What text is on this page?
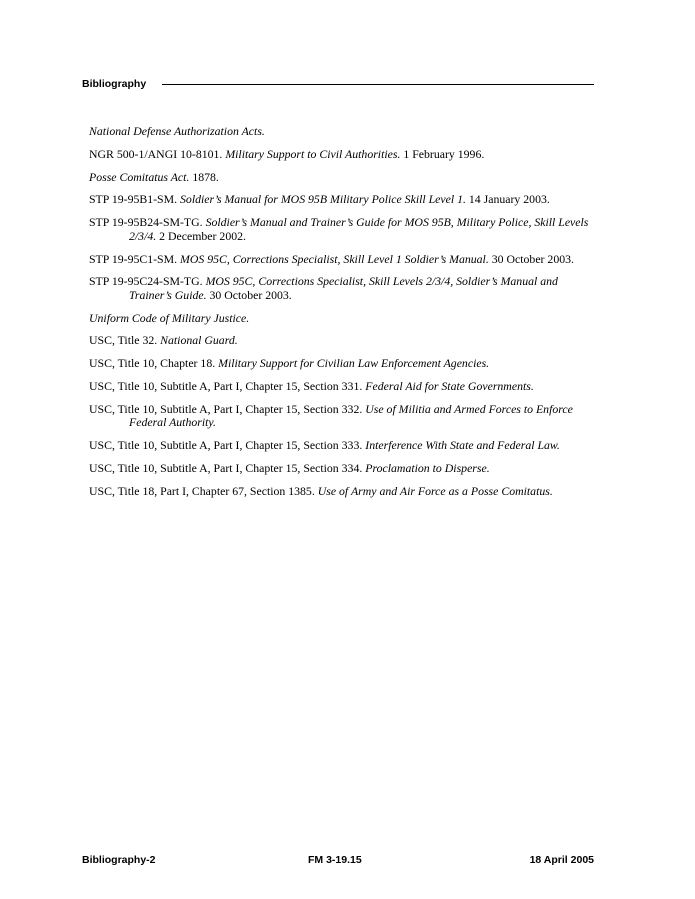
Bibliography

National Defense Authorization Acts.

NGR 500-1/ANGI 10-8101. Military Support to Civil Authorities. 1 February 1996.

Posse Comitatus Act. 1878.

STP 19-95B1-SM. Soldier’s Manual for MOS 95B Military Police Skill Level 1. 14 January 2003.

STP 19-95B24-SM-TG. Soldier’s Manual and Trainer’s Guide for MOS 95B, Military Police, Skill Levels 2/3/4. 2 December 2002.

STP 19-95C1-SM. MOS 95C, Corrections Specialist, Skill Level 1 Soldier’s Manual. 30 October 2003.

STP 19-95C24-SM-TG. MOS 95C, Corrections Specialist, Skill Levels 2/3/4, Soldier’s Manual and Trainer’s Guide. 30 October 2003.

Uniform Code of Military Justice.

USC, Title 32. National Guard.

USC, Title 10, Chapter 18. Military Support for Civilian Law Enforcement Agencies.

USC, Title 10, Subtitle A, Part I, Chapter 15, Section 331. Federal Aid for State Governments.

USC, Title 10, Subtitle A, Part I, Chapter 15, Section 332. Use of Militia and Armed Forces to Enforce Federal Authority.

USC, Title 10, Subtitle A, Part I, Chapter 15, Section 333. Interference With State and Federal Law.

USC, Title 10, Subtitle A, Part I, Chapter 15, Section 334. Proclamation to Disperse.

USC, Title 18, Part I, Chapter 67, Section 1385. Use of Army and Air Force as a Posse Comitatus.

Bibliography-2	FM 3-19.15	18 April 2005
